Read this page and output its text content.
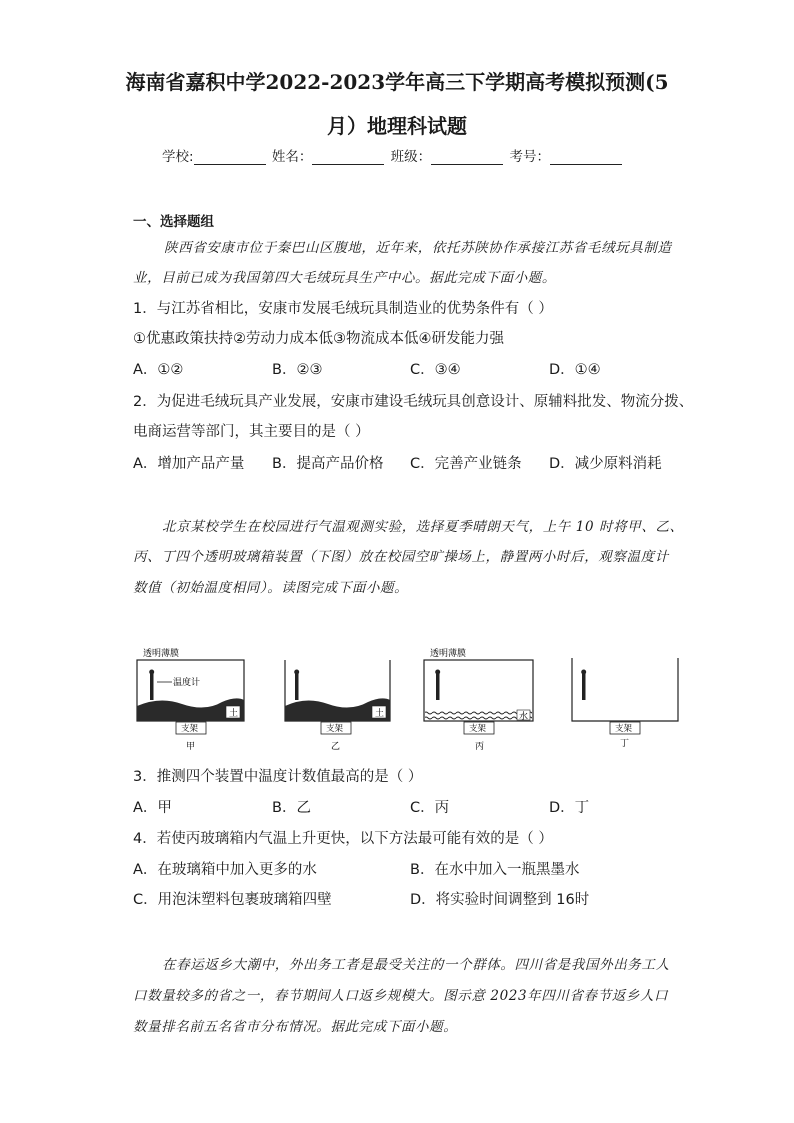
海南省嘉积中学2022-2023学年高三下学期高考模拟预测(5
月）地理科试题
学校:	姓名：	班级：	考号：
一、选择题组
陕西省安康市位于秦巴山区腹地，近年来，依托苏陕协作承接江苏省毛绒玩具制造
业，目前已成为我国第四大毛绒玩具生产中心。据此完成下面小题。
1．与江苏省相比，安康市发展毛绒玩具制造业的优势条件有（ ）
①优惠政策扶持②劳动力成本低③物流成本低④研发能力强
A．①②	B．②③	C．③④	D．①④
2．为促进毛绒玩具产业发展，安康市建设毛绒玩具创意设计、原辅料批发、物流分拨、
电商运营等部门，其主要目的是（ ）
A．增加产品产量 B．提高产品价格 C．完善产业链条 D．减少原料消耗
北京某校学生在校园进行气温观测实验，选择夏季晴朗天气，上午 10 时将甲、乙、
丙、丁四个透明玻璃箱装置（下图）放在校园空旷操场上，静置两小时后，观察温度计
数值（初始温度相同）。读图完成下面小题。
透明薄膜
土
温度计
支架
甲
土
支架
乙
透明薄膜
水
支架
丙
支架
丁
3．推测四个装置中温度计数值最高的是（ ）
A．甲	B．乙	C．丙	D．丁
4．若使丙玻璃箱内气温上升更快，以下方法最可能有效的是（ ）
A．在玻璃箱中加入更多的水	B．在水中加入一瓶黑墨水
C．用泡沫塑料包裹玻璃箱四壁	D．将实验时间调整到 16时
在春运返乡大潮中，外出务工者是最受关注的一个群体。四川省是我国外出务工人
口数量较多的省之一，春节期间人口返乡规模大。图示意 2023年四川省春节返乡人口
数量排名前五名省市分布情况。据此完成下面小题。
